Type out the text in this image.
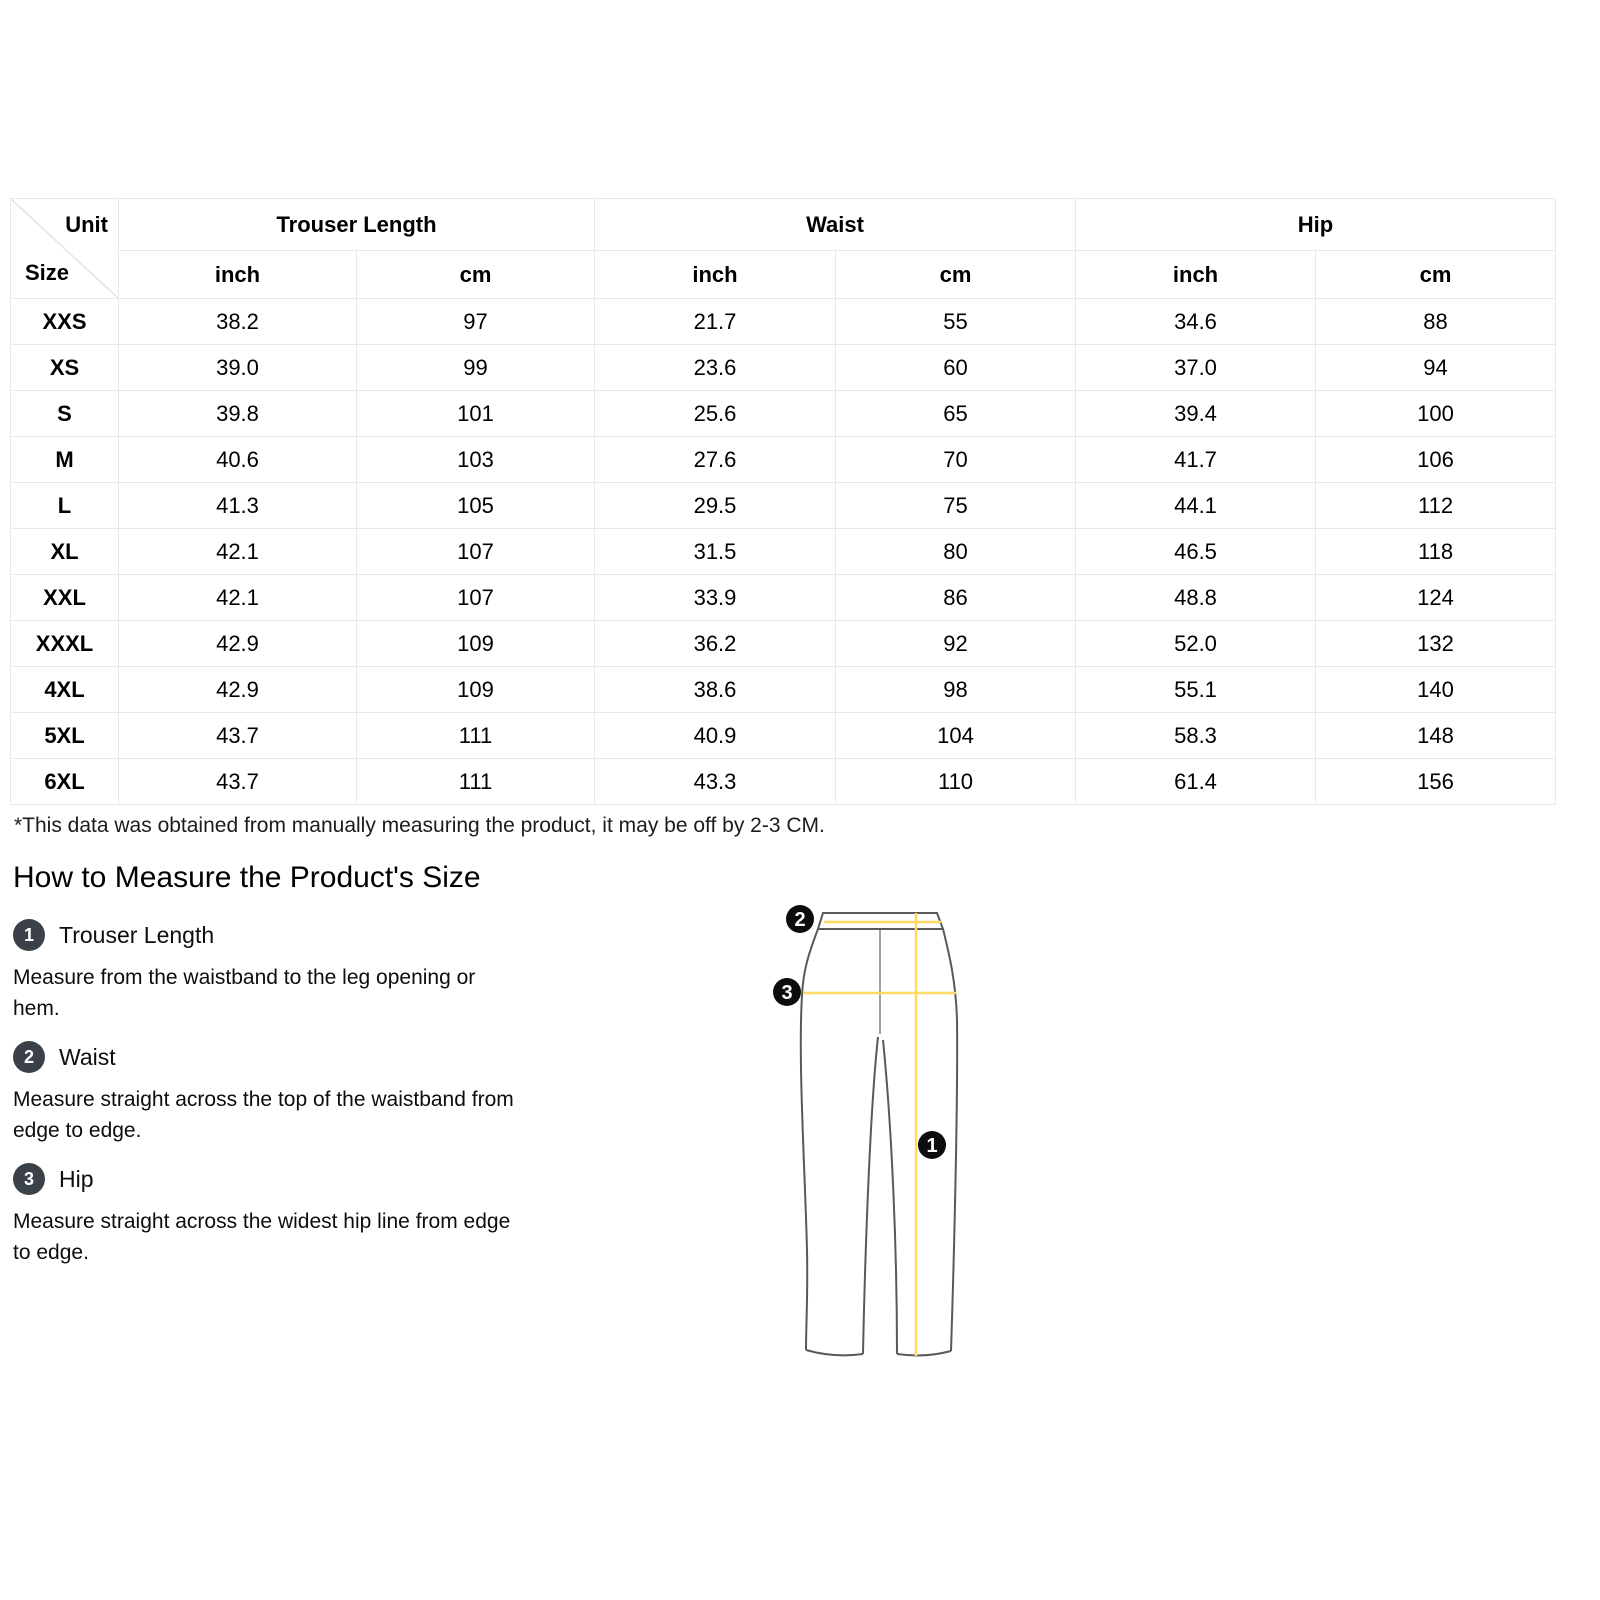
Unit
Size	Trouser Length		Waist		Hip	
	inch	cm	inch	cm	inch	cm
XXS	38.2	97	21.7	55	34.6	88
XS	39.0	99	23.6	60	37.0	94
S	39.8	101	25.6	65	39.4	100
M	40.6	103	27.6	70	41.7	106
L	41.3	105	29.5	75	44.1	112
XL	42.1	107	31.5	80	46.5	118
XXL	42.1	107	33.9	86	48.8	124
XXXL	42.9	109	36.2	92	52.0	132
4XL	42.9	109	38.6	98	55.1	140
5XL	43.7	111	40.9	104	58.3	148
6XL	43.7	111	43.3	110	61.4	156
*This data was obtained from manually measuring the product, it may be off by 2-3 CM.
How to Measure the Product's Size
1	Trouser Length
Measure from the waistband to the leg opening or
hem.
2	Waist
Measure straight across the top of the waistband from
edge to edge.
3	Hip
Measure straight across the widest hip line from edge
to edge.
2
3
1
